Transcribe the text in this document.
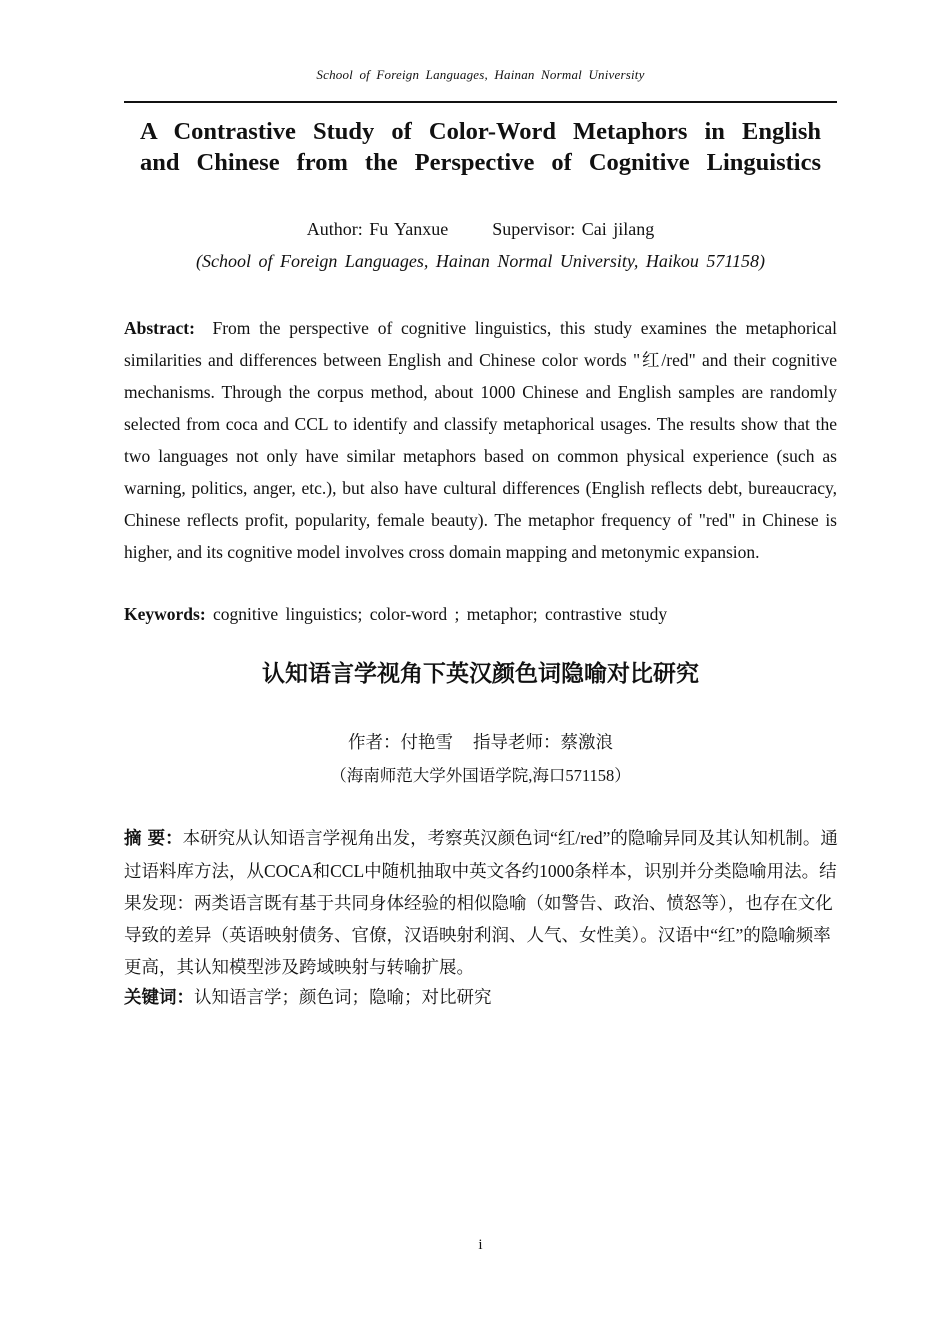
School of Foreign Languages, Hainan Normal University
A Contrastive Study of Color-Word Metaphors in English
and Chinese from the Perspective of Cognitive Linguistics
Author: Fu Yanxue Supervisor: Cai jilang
(School of Foreign Languages, Hainan Normal University, Haikou 571158)

Abstract: From the perspective of cognitive linguistics, this study examines the metaphorical similarities and differences between English and Chinese color words "红/red" and their cognitive mechanisms. Through the corpus method, about 1000 Chinese and English samples are randomly selected from coca and CCL to identify and classify metaphorical usages. The results show that the two languages not only have similar metaphors based on common physical experience (such as warning, politics, anger, etc.), but also have cultural differences (English reflects debt, bureaucracy, Chinese reflects profit, popularity, female beauty). The metaphor frequency of "red" in Chinese is higher, and its cognitive model involves cross domain mapping and metonymic expansion.

Keywords: cognitive linguistics; color-word ; metaphor; contrastive study
认知语言学视角下英汉颜色词隐喻对比研究
作者：付艳雪 指导老师：蔡激浪
（海南师范大学外国语学院,海口571158）

摘 要：本研究从认知语言学视角出发，考察英汉颜色词“红/red”的隐喻异同及其认知机制。通过语料库方法，从COCA和CCL中随机抽取中英文各约1000条样本，识别并分类隐喻用法。结果发现：两类语言既有基于共同身体经验的相似隐喻（如警告、政治、愤怒等），也存在文化导致的差异（英语映射债务、官僚，汉语映射利润、人气、女性美）。汉语中“红”的隐喻频率更高，其认知模型涉及跨域映射与转喻扩展。

关键词：认知语言学；颜色词；隐喻；对比研究
i
